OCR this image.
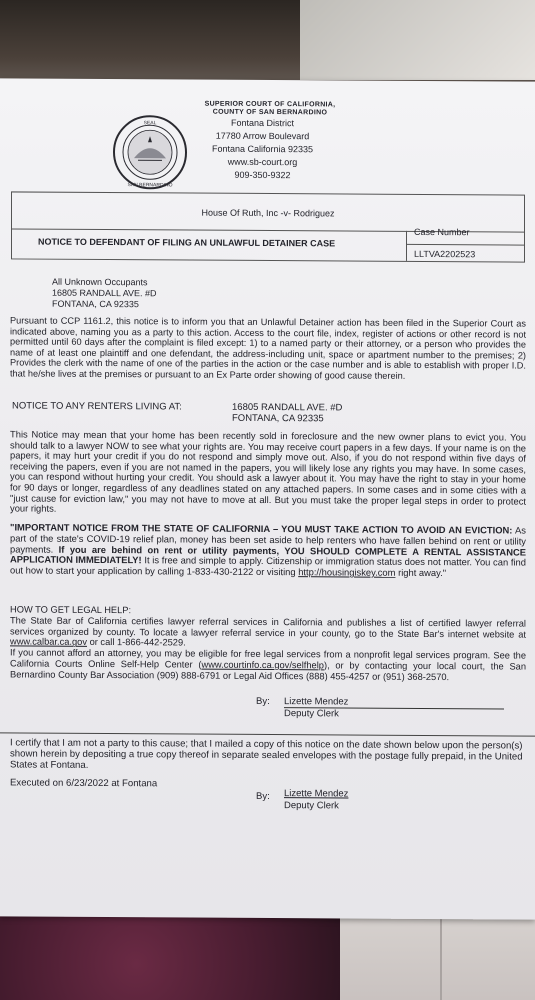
SEAL
SAN BERNARDINO
SUPERIOR COURT OF CALIFORNIA,
COUNTY OF SAN BERNARDINO
Fontana District
17780 Arrow Boulevard
Fontana California 92335
www.sb-court.org
909-350-9322
House Of Ruth, Inc -v- Rodriguez
NOTICE TO DEFENDANT OF FILING AN UNLAWFUL DETAINER CASE
Case Number
LLTVA2202523
All Unknown Occupants
16805 RANDALL AVE. #D
FONTANA, CA 92335
Pursuant to CCP 1161.2, this notice is to inform you that an Unlawful Detainer action has been filed in the Superior Court as indicated above, naming you as a party to this action. Access to the court file, index, register of actions or other record is not permitted until 60 days after the complaint is filed except: 1) to a named party or their attorney, or a person who provides the name of at least one plaintiff and one defendant, the address-including unit, space or apartment number to the premises; 2) Provides the clerk with the name of one of the parties in the action or the case number and is able to establish with proper I.D. that he/she lives at the premises or pursuant to an Ex Parte order showing of good cause therein.
NOTICE TO ANY RENTERS LIVING AT:	16805 RANDALL AVE. #D
FONTANA, CA 92335
This Notice may mean that your home has been recently sold in foreclosure and the new owner plans to evict you. You should talk to a lawyer NOW to see what your rights are. You may receive court papers in a few days. If your name is on the papers, it may hurt your credit if you do not respond and simply move out. Also, if you do not respond within five days of receiving the papers, even if you are not named in the papers, you will likely lose any rights you may have. In some cases, you can respond without hurting your credit. You should ask a lawyer about it. You may have the right to stay in your home for 90 days or longer, regardless of any deadlines stated on any attached papers. In some cases and in some cities with a "just cause for eviction law," you may not have to move at all. But you must take the proper legal steps in order to protect your rights.
"IMPORTANT NOTICE FROM THE STATE OF CALIFORNIA – YOU MUST TAKE ACTION TO AVOID AN EVICTION: As part of the state's COVID-19 relief plan, money has been set aside to help renters who have fallen behind on rent or utility payments. If you are behind on rent or utility payments, YOU SHOULD COMPLETE A RENTAL ASSISTANCE APPLICATION IMMEDIATELY! It is free and simple to apply. Citizenship or immigration status does not matter. You can find out how to start your application by calling 1-833-430-2122 or visiting http://housingiskey.com right away."
HOW TO GET LEGAL HELP:
The State Bar of California certifies lawyer referral services in California and publishes a list of certified lawyer referral services organized by county. To locate a lawyer referral service in your county, go to the State Bar's internet website at www.calbar.ca.gov or call 1-866-442-2529.
If you cannot afford an attorney, you may be eligible for free legal services from a nonprofit legal services program. See the California Courts Online Self-Help Center (www.courtinfo.ca.gov/selfhelp), or by contacting your local court, the San Bernardino County Bar Association (909) 888-6791 or Legal Aid Offices (888) 455-4257 or (951) 368-2570.
By: Lizette Mendez
Deputy Clerk
I certify that I am not a party to this cause; that I mailed a copy of this notice on the date shown below upon the person(s) shown herein by depositing a true copy thereof in separate sealed envelopes with the postage fully prepaid, in the United States at Fontana.
Executed on 6/23/2022 at Fontana
By: Lizette Mendez
Deputy Clerk
